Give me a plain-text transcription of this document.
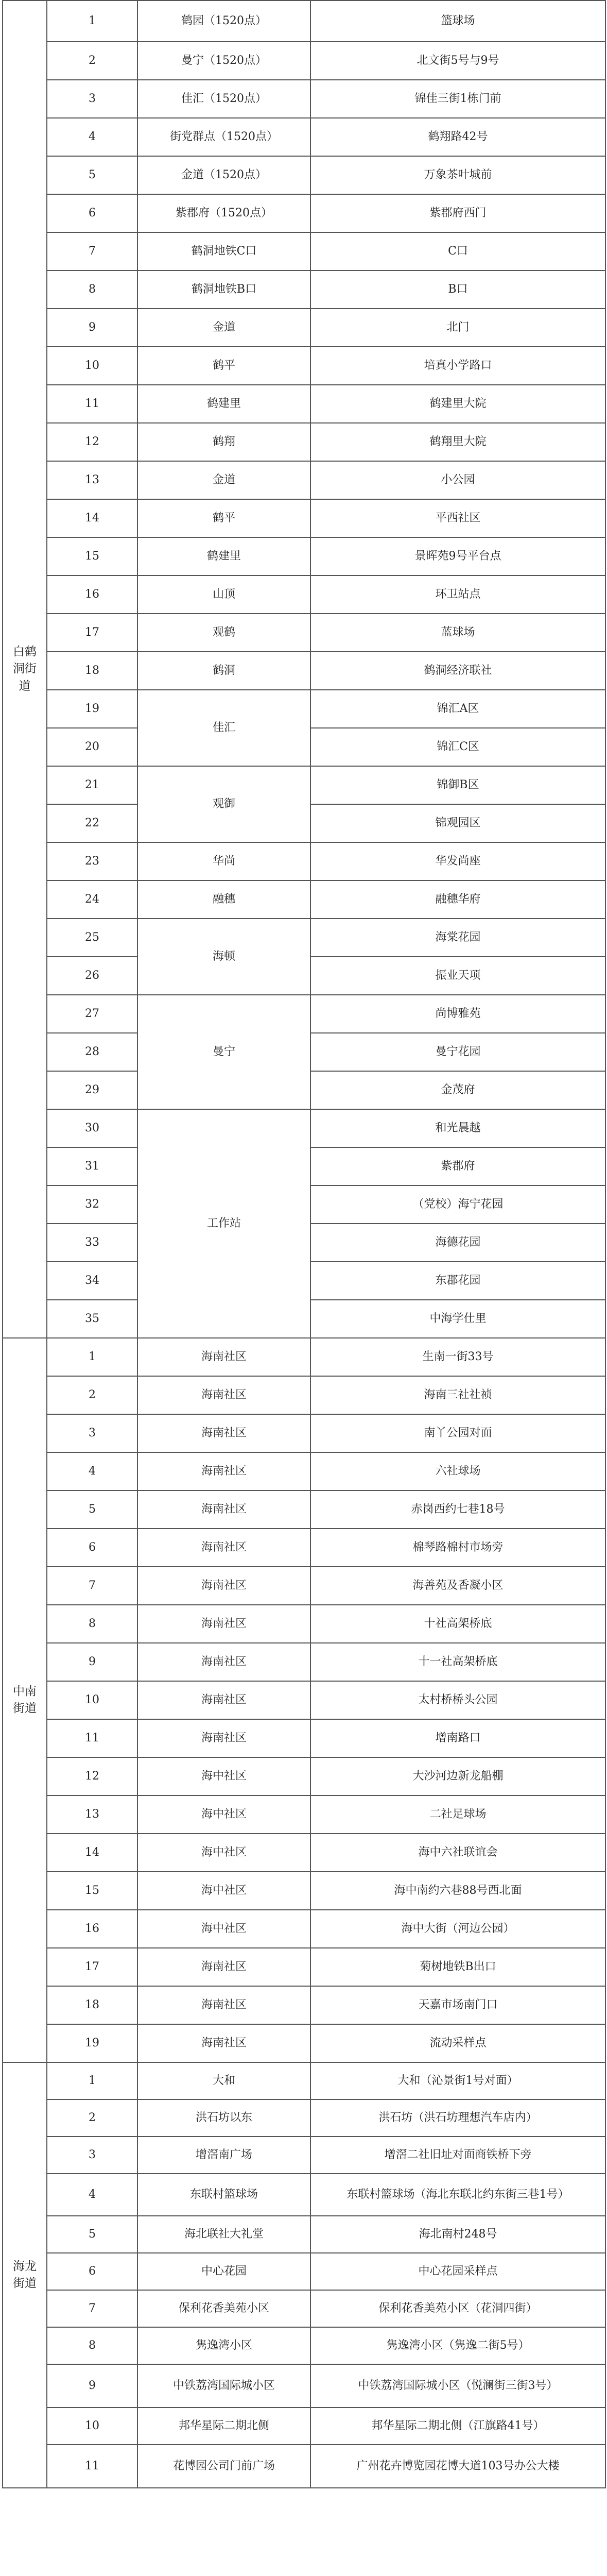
白鹤洞街道	1	鹤园（1520点）	篮球场
	2	曼宁（1520点）	北文街5号与9号
	3	佳汇（1520点）	锦佳三街1栋门前
	4	街党群点（1520点）	鹤翔路42号
	5	金道（1520点）	万象茶叶城前
	6	紫郡府（1520点）	紫郡府西门
	7	鹤洞地铁C口	C口
	8	鹤洞地铁B口	B口
	9	金道	北门
	10	鹤平	培真小学路口
	11	鹤建里	鹤建里大院
	12	鹤翔	鹤翔里大院
	13	金道	小公园
	14	鹤平	平西社区
	15	鹤建里	景晖苑9号平台点
	16	山顶	环卫站点
	17	观鹤	蓝球场
	18	鹤洞	鹤洞经济联社
	19	佳汇	锦汇A区
	20		锦汇C区
	21	观御	锦御B区
	22		锦观园区
	23	华尚	华发尚座
	24	融穗	融穗华府
	25	海顿	海棠花园
	26		振业天项
	27	曼宁	尚博雅苑
	28		曼宁花园
	29		金茂府
	30	工作站	和光晨越
	31		紫郡府
	32		（党校）海宁花园
	33		海德花园
	34		东郡花园
	35		中海学仕里
中南街道	1	海南社区	生南一街33号
	2	海南社区	海南三社社祯
	3	海南社区	南丫公园对面
	4	海南社区	六社球场
	5	海南社区	赤岗西约七巷18号
	6	海南社区	棉琴路棉村市场旁
	7	海南社区	海善苑及香凝小区
	8	海南社区	十社高架桥底
	9	海南社区	十一社高架桥底
	10	海南社区	太村桥桥头公园
	11	海南社区	增南路口
	12	海中社区	大沙河边新龙船棚
	13	海中社区	二社足球场
	14	海中社区	海中六社联谊会
	15	海中社区	海中南约六巷88号西北面
	16	海中社区	海中大街（河边公园）
	17	海南社区	菊树地铁B出口
	18	海南社区	天嘉市场南门口
	19	海南社区	流动采样点
海龙街道	1	大和	大和（沁景街1号对面）
	2	洪石坊以东	洪石坊（洪石坊理想汽车店内）
	3	增滘南广场	增滘二社旧址对面商铁桥下旁
	4	东联村篮球场	东联村篮球场（海北东联北约东街三巷1号）
	5	海北联社大礼堂	海北南村248号
	6	中心花园	中心花园采样点
	7	保利花香美苑小区	保利花香美苑小区（花洞四街）
	8	隽逸湾小区	隽逸湾小区（隽逸二街5号）
	9	中铁荔湾国际城小区	中铁荔湾国际城小区（悦澜街三街3号）
	10	邦华星际二期北侧	邦华星际二期北侧（江旗路41号）
	11	花博园公司门前广场	广州花卉博览园花博大道103号办公大楼
